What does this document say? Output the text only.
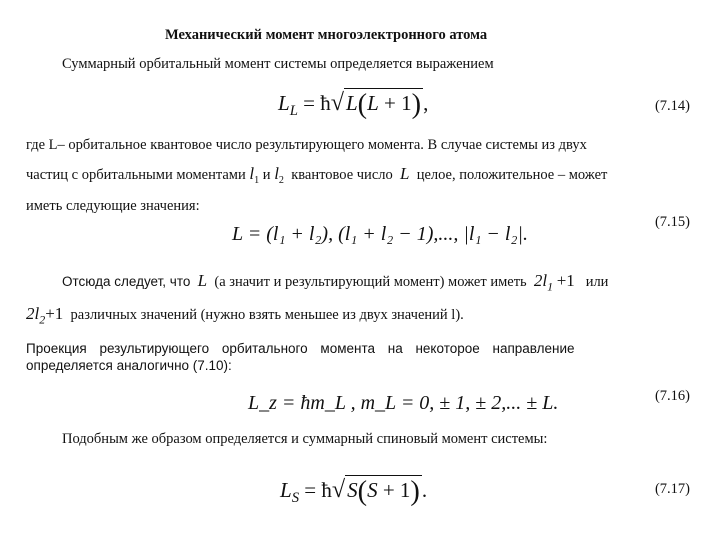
Механический момент многоэлектронного атома
Суммарный орбитальный момент системы определяется выражением
$L_L$ = ħ√L(L + 1),	(7.14)
где L– орбитальное квантовое число результирующего момента. В случае системы из двух
частиц с орбитальными моментами $l_1$ и $l_2$ квантовое число L целое, положительное – может
иметь следующие значения:
L = (l₁ + l₂), (l₁ + l₂ − 1),..., |l₁ − l₂|.
(7.15)
Отсюда следует, что L (а значит и результирующий момент) может иметь $2l_1 +1$ или
$2l_2+1$ различных значений (нужно взять меньшее из двух значений l).
Проекция результирующего орбитального момента на некоторое направление
определяется аналогично (7.10):
L_z = ħm_L , m_L = 0, ± 1, ± 2,... ± L.	(7.16)
Подобным же образом определяется и суммарный спиновый момент системы:
$L_S$ = ħ√S(S + 1).	(7.17)
